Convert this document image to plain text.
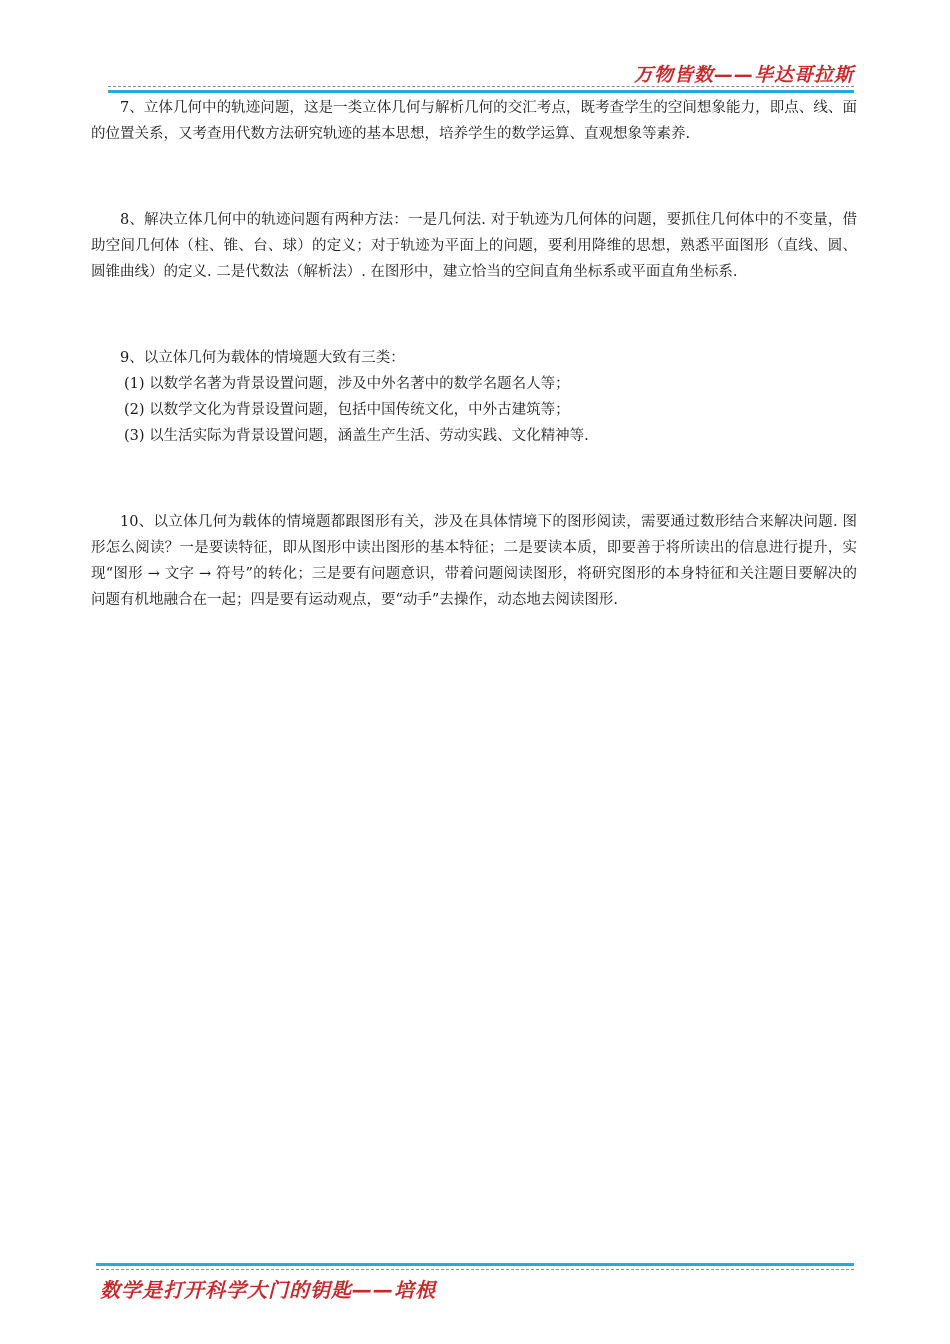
万物皆数——毕达哥拉斯

7、立体几何中的轨迹问题，这是一类立体几何与解析几何的交汇考点，既考查学生的空间想象能力，即点、线、面的位置关系，又考查用代数方法研究轨迹的基本思想，培养学生的数学运算、直观想象等素养.

8、解决立体几何中的轨迹问题有两种方法：一是几何法. 对于轨迹为几何体的问题，要抓住几何体中的不变量，借助空间几何体（柱、锥、台、球）的定义；对于轨迹为平面上的问题，要利用降维的思想，熟悉平面图形（直线、圆、圆锥曲线）的定义. 二是代数法（解析法）. 在图形中，建立恰当的空间直角坐标系或平面直角坐标系.

9、以立体几何为载体的情境题大致有三类：

(1) 以数学名著为背景设置问题，涉及中外名著中的数学名题名人等；

(2) 以数学文化为背景设置问题，包括中国传统文化，中外古建筑等；

(3) 以生活实际为背景设置问题，涵盖生产生活、劳动实践、文化精神等.

10、以立体几何为载体的情境题都跟图形有关，涉及在具体情境下的图形阅读，需要通过数形结合来解决问题. 图形怎么阅读？一是要读特征，即从图形中读出图形的基本特征；二是要读本质，即要善于将所读出的信息进行提升，实现“图形 → 文字 → 符号”的转化；三是要有问题意识，带着问题阅读图形，将研究图形的本身特征和关注题目要解决的问题有机地融合在一起；四是要有运动观点，要“动手”去操作，动态地去阅读图形.

数学是打开科学大门的钥匙——培根
